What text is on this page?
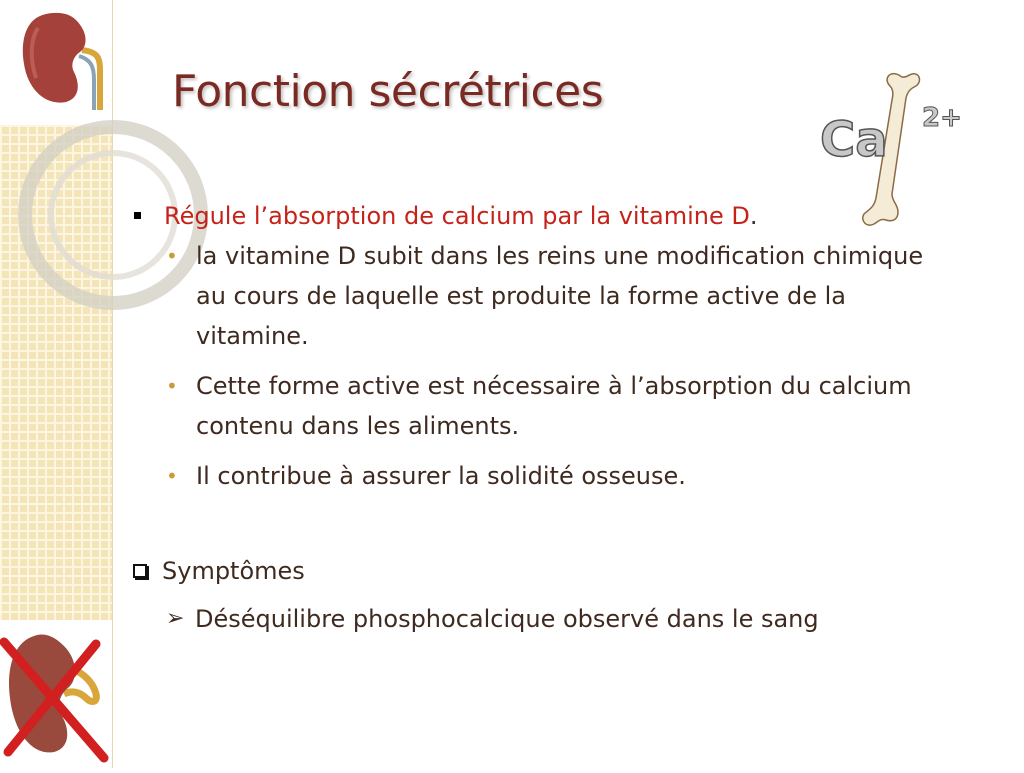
Ca 2+
Fonction sécrétrices
Régule l’absorption de calcium par la vitamine D.
• la vitamine D subit dans les reins une modification chimique au cours de laquelle est produite la forme active de la vitamine.
• Cette forme active est nécessaire à l’absorption du calcium contenu dans les aliments.
• Il contribue à assurer la solidité osseuse.
Symptômes
➢ Déséquilibre phosphocalcique observé dans le sang
